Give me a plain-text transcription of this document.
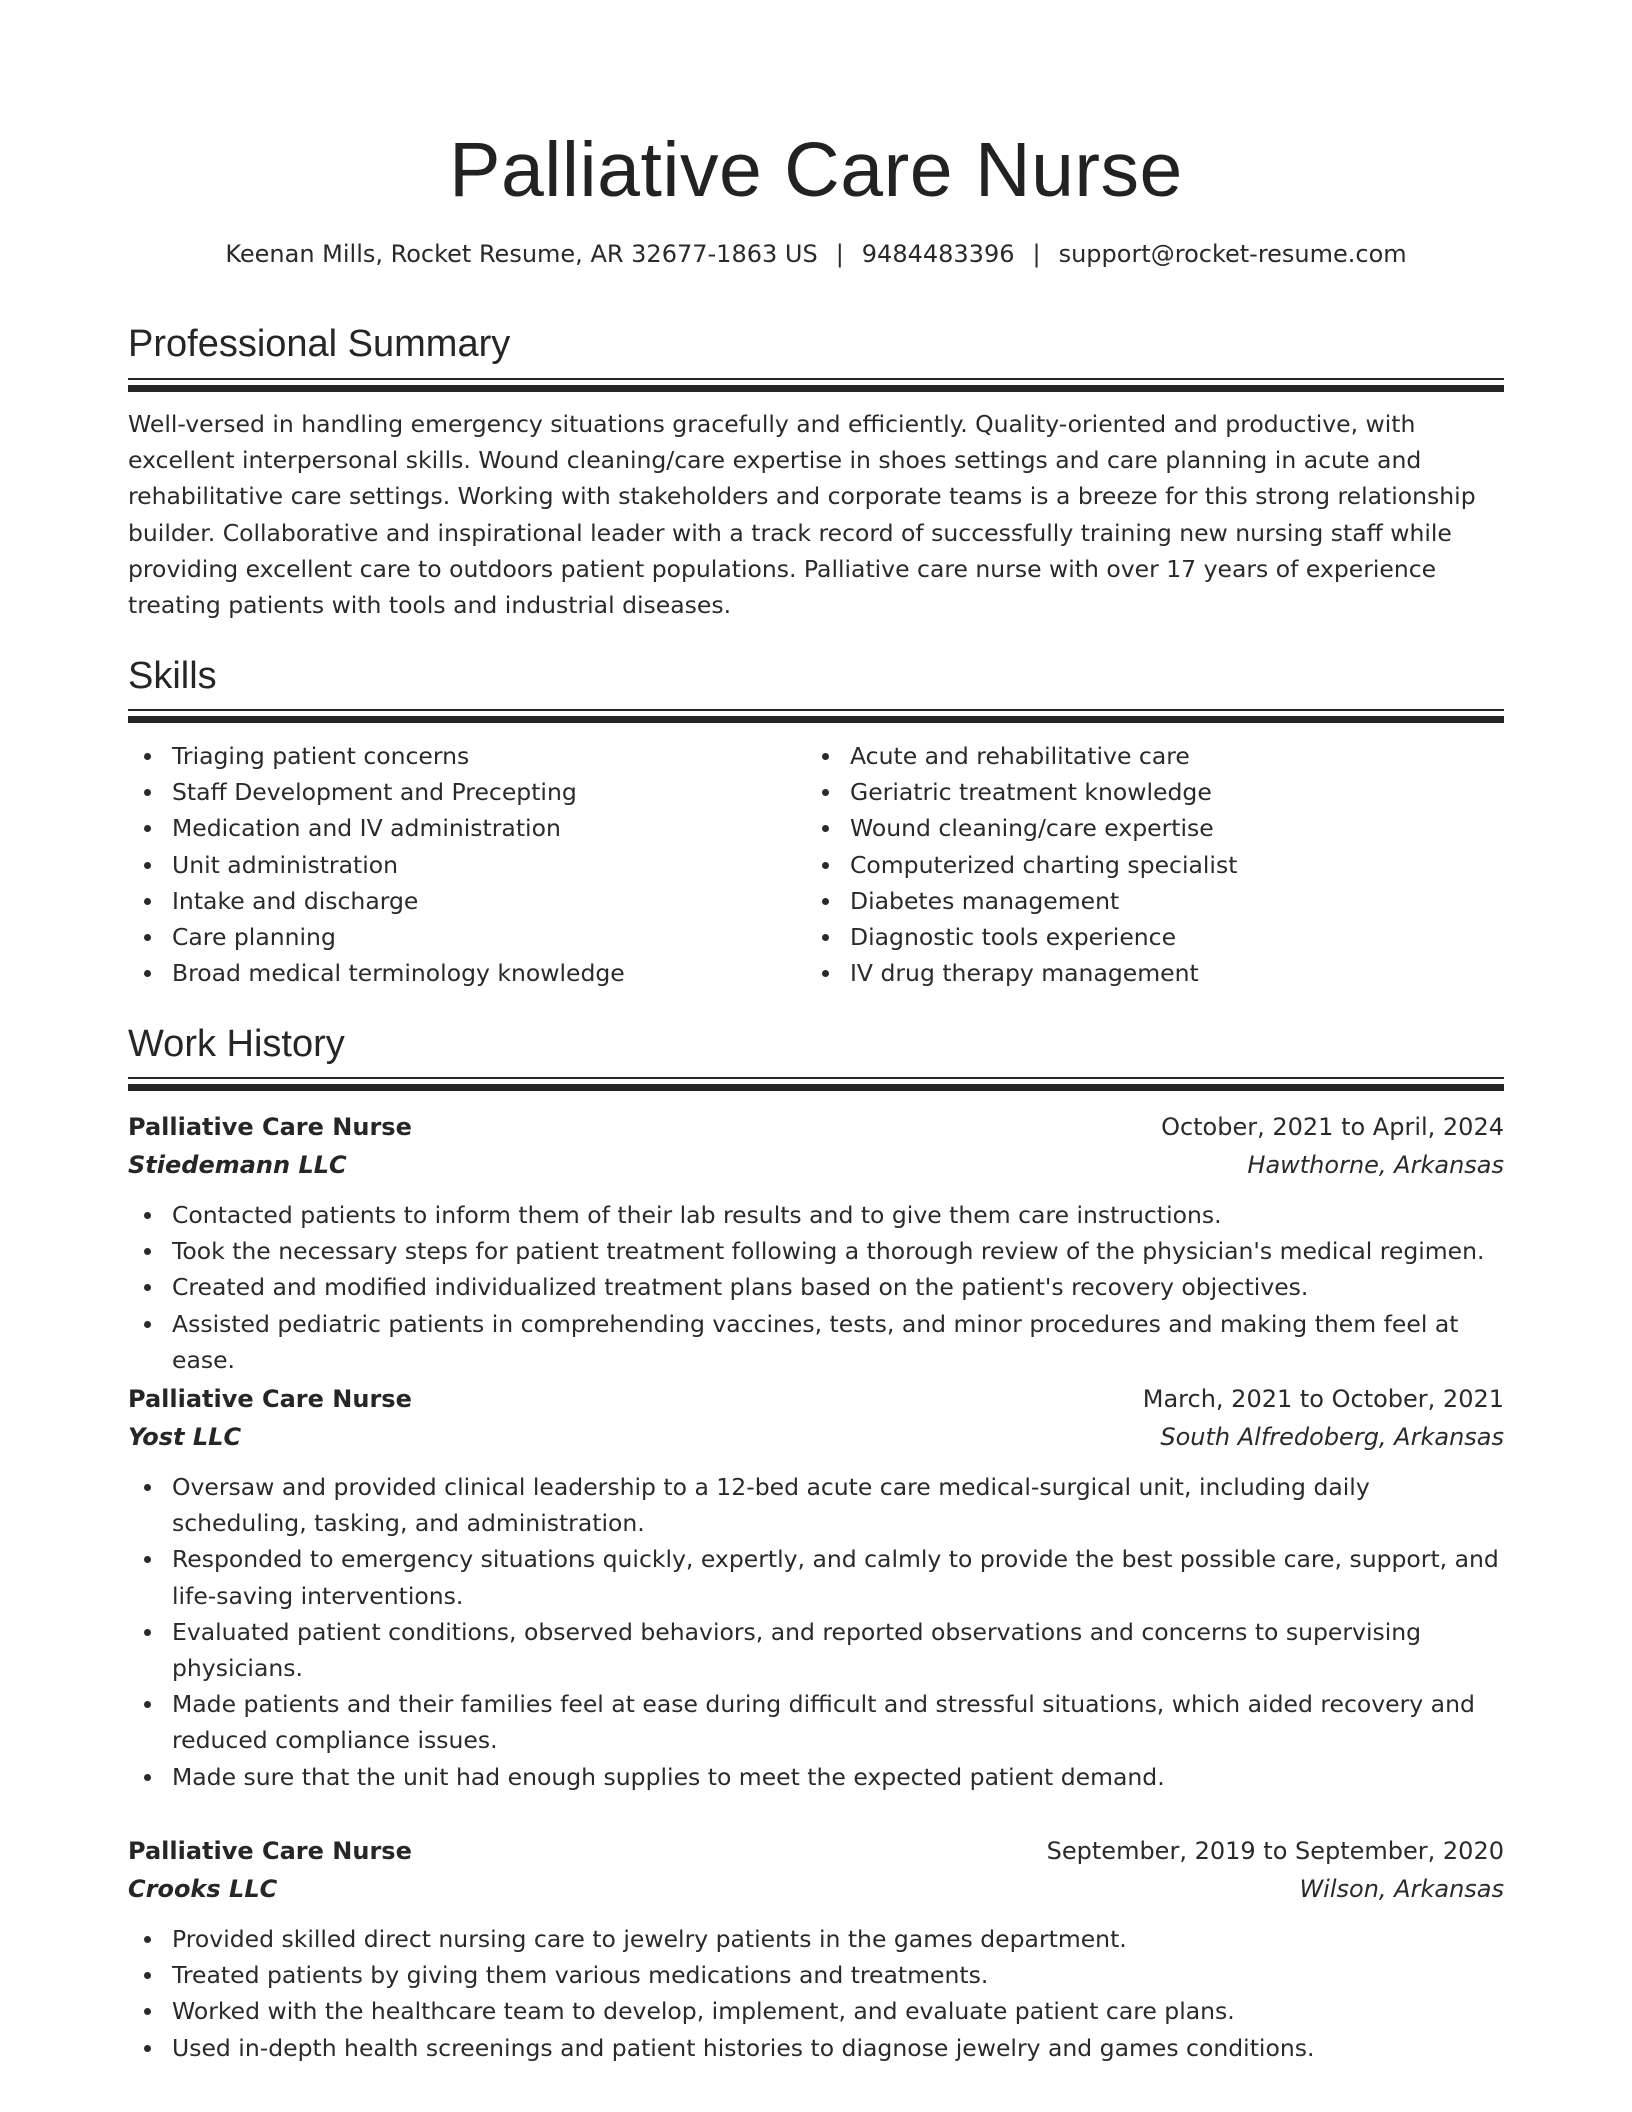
Palliative Care Nurse
Keenan Mills, Rocket Resume, AR 32677-1863 US | 9484483396 | support@rocket-resume.com
Professional Summary

Well-versed in handling emergency situations gracefully and efficiently. Quality-oriented and productive, with excellent interpersonal skills. Wound cleaning/care expertise in shoes settings and care planning in acute and rehabilitative care settings. Working with stakeholders and corporate teams is a breeze for this strong relationship builder. Collaborative and inspirational leader with a track record of successfully training new nursing staff while providing excellent care to outdoors patient populations. Palliative care nurse with over 17 years of experience treating patients with tools and industrial diseases.

Skills
Triaging patient concerns
Staff Development and Precepting
Medication and IV administration
Unit administration
Intake and discharge
Care planning
Broad medical terminology knowledge
Acute and rehabilitative care
Geriatric treatment knowledge
Wound cleaning/care expertise
Computerized charting specialist
Diabetes management
Diagnostic tools experience
IV drug therapy management
Work History
Palliative Care Nurse	October, 2021 to April, 2024
Stiedemann LLC	Hawthorne, Arkansas
Contacted patients to inform them of their lab results and to give them care instructions.
Took the necessary steps for patient treatment following a thorough review of the physician's medical regimen.
Created and modified individualized treatment plans based on the patient's recovery objectives.
Assisted pediatric patients in comprehending vaccines, tests, and minor procedures and making them feel at ease.
Palliative Care Nurse	March, 2021 to October, 2021
Yost LLC	South Alfredoberg, Arkansas
Oversaw and provided clinical leadership to a 12-bed acute care medical-surgical unit, including daily scheduling, tasking, and administration.
Responded to emergency situations quickly, expertly, and calmly to provide the best possible care, support, and life-saving interventions.
Evaluated patient conditions, observed behaviors, and reported observations and concerns to supervising physicians.
Made patients and their families feel at ease during difficult and stressful situations, which aided recovery and reduced compliance issues.
Made sure that the unit had enough supplies to meet the expected patient demand.
Palliative Care Nurse	September, 2019 to September, 2020
Crooks LLC	Wilson, Arkansas
Provided skilled direct nursing care to jewelry patients in the games department.
Treated patients by giving them various medications and treatments.
Worked with the healthcare team to develop, implement, and evaluate patient care plans.
Used in-depth health screenings and patient histories to diagnose jewelry and games conditions.
